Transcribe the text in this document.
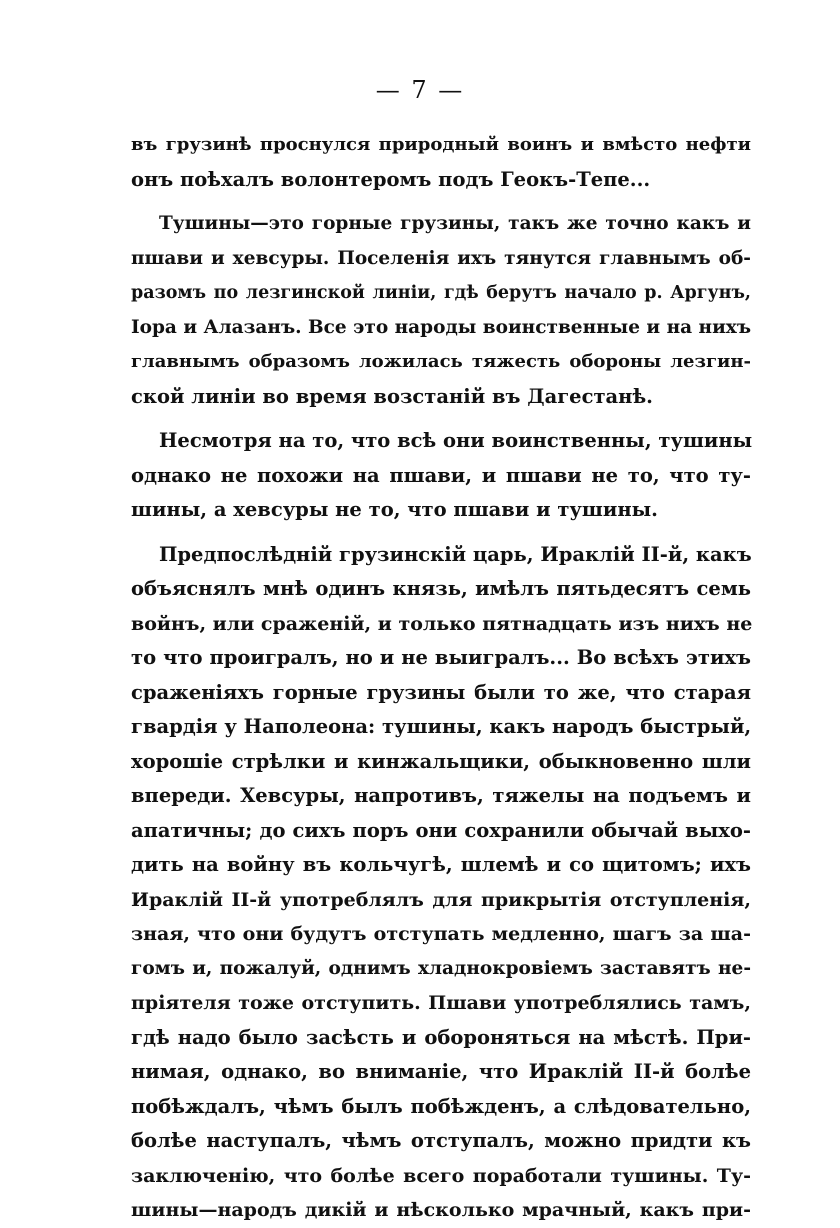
— 7 —
въ грузинѣ проснулся природный воинъ и вмѣсто нефти
онъ поѣхалъ волонтеромъ подъ Геокъ-Тепе...
Тушины—это горные грузины, такъ же точно какъ и
пшави и хевсуры. Поселенія ихъ тянутся главнымъ об-
разомъ по лезгинской линіи, гдѣ берутъ начало р. Аргунъ,
Іора и Алазанъ. Все это народы воинственные и на нихъ
главнымъ образомъ ложилась тяжесть обороны лезгин-
ской линіи во время возстаній въ Дагестанѣ.
Несмотря на то, что всѣ они воинственны, тушины
однако не похожи на пшави, и пшави не то, что ту-
шины, а хевсуры не то, что пшави и тушины.
Предпослѣдній грузинскій царь, Ираклій II-й, какъ
объяснялъ мнѣ одинъ князь, имѣлъ пятьдесятъ семь
войнъ, или сраженій, и только пятнадцать изъ нихъ не
то что проигралъ, но и не выигралъ... Во всѣхъ этихъ
сраженіяхъ горные грузины были то же, что старая
гвардія у Наполеона: тушины, какъ народъ быстрый,
хорошіе стрѣлки и кинжальщики, обыкновенно шли
впереди. Хевсуры, напротивъ, тяжелы на подъемъ и
апатичны; до сихъ поръ они сохранили обычай выхо-
дить на войну въ кольчугѣ, шлемѣ и со щитомъ; ихъ
Ираклій II-й употреблялъ для прикрытія отступленія,
зная, что они будутъ отступать медленно, шагъ за ша-
гомъ и, пожалуй, однимъ хладнокровіемъ заставятъ не-
пріятеля тоже отступить. Пшави употреблялись тамъ,
гдѣ надо было засѣсть и обороняться на мѣстѣ. При-
нимая, однако, во вниманіе, что Ираклій II-й болѣе
побѣждалъ, чѣмъ былъ побѣжденъ, а слѣдовательно,
болѣе наступалъ, чѣмъ отступалъ, можно придти къ
заключенію, что болѣе всего поработали тушины. Ту-
шины—народъ дикій и нѣсколько мрачный, какъ при-
